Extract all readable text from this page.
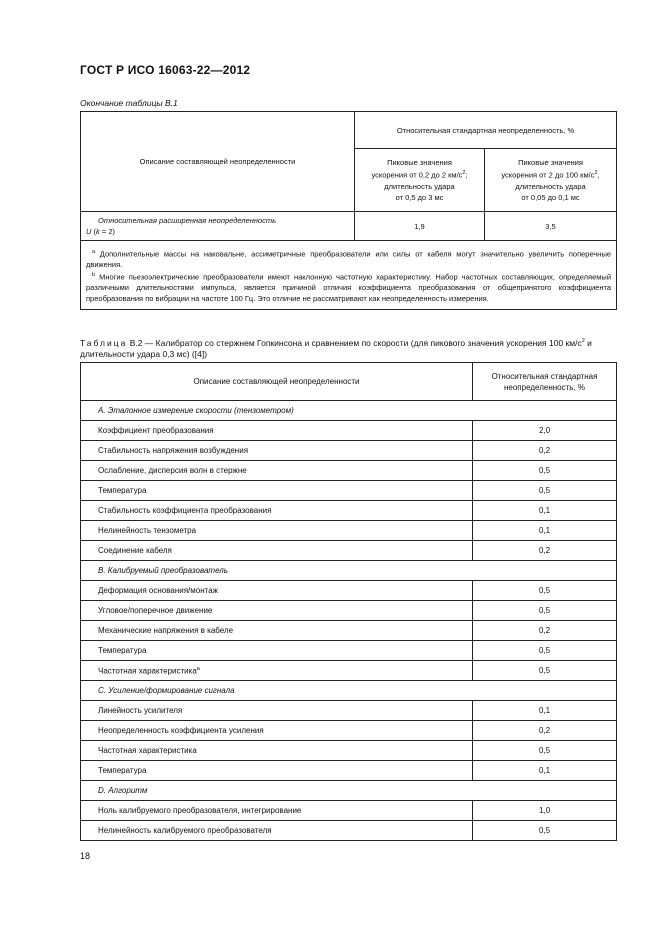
ГОСТ Р ИСО 16063-22—2012
Окончание таблицы В.1
Описание составляющей неопределенности	Относительная стандартная неопределенность, %	
	Пиковые значения
ускорения от 0,2 до 2 $км/с^2$; длительность удара
от 0,5 до 3 мс	Пиковые значения
ускорения от 2 до 100 $км/с^2$,
длительность удара
от 0,05 до 0,1 мс
Относительная расширенная неопределенность
U (k = 2)	1,9	3,5

$^а$ Дополнительные массы на наковальне, ассиметричные преобразователи или силы от кабеля могут значительно увеличить поперечные движения.

$^b$ Многие пьезоэлектрические преобразователи имеют наклонную частотную характеристику. Набор частотных составляющих, определяемый различными длительностями импульса, является причиной отличия коэффициента преобразования от общепринятого коэффициента преобразования по вибрации на частоте 100 Гц. Это отличие не рассматривают как неопределенность измерения.		

Таблица В.2 — Калибратор со стержнем Гопкинсона и сравнением по скорости (для пикового значения ускорения 100 $км/с^2$ и длительности удара 0,3 мс) ([4])
Описание составляющей неопределенности	Относительная стандартная неопределенность, %
A. Эталонное измерение скорости (тензометром)	
Коэффициент преобразования	2,0
Стабильность напряжения возбуждения	0,2
Ослабление, дисперсия волн в стержне	0,5
Температура	0,5
Стабильность коэффициента преобразования	0,1
Нелинейность тензометра	0,1
Соединение кабеля	0,2
B. Калибруемый преобразователь	
Деформация основания/монтаж	0,5
Угловое/поперечное движение	0,5
Механические напряжения в кабеле	0,2
Температура	0,5
Частотная характеристика$^a$	0,5
C. Усиление/формирование сигнала	
Линейность усилителя	0,1
Неопределенность коэффициента усиления	0,2
Частотная характеристика	0,5
Температура	0,1
D. Алгоритм	
Ноль калибруемого преобразователя, интегрирование	1,0
Нелинейность калибруемого преобразователя	0,5
18
